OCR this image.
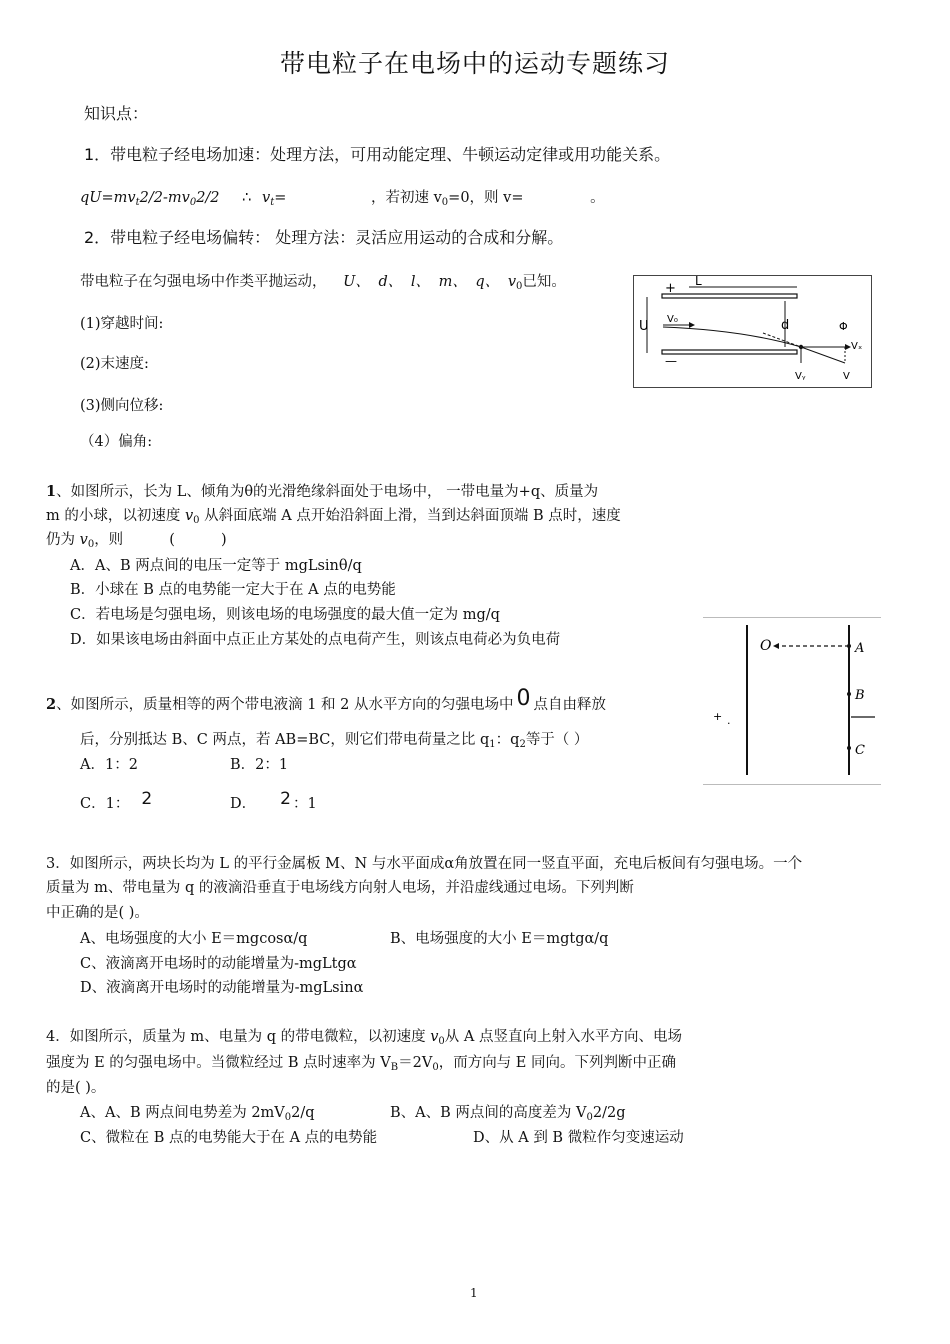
带电粒子在电场中的运动专题练习
知识点：
1．带电粒子经电场加速：处理方法，可用动能定理、牛顿运动定律或用功能关系。
$qU=mv_t2/2-mv_02/2$ ∴ $v_t=$	，若初速 $v_0=0$，则 v=	。
2．带电粒子经电场偏转： 处理方法：灵活应用运动的合成和分解。
带电粒子在匀强电场中作类平抛运动， U、 d、 l、 m、 q、 $v_0$已知。
(1)穿越时间:
(2)末速度:
(3)侧向位移:
（4）偏角:
+
—
L
U	d
V₀
Φ
Vₓ
Vᵧ	V
1、如图所示，长为 L、倾角为θ的光滑绝缘斜面处于电场中， 一带电量为+q、质量为
m 的小球，以初速度 $v_0$ 从斜面底端 A 点开始沿斜面上滑，当到达斜面顶端 B 点时，速度
仍为 $v_0$，则          (          )
A．A、B 两点间的电压一定等于 mgLsinθ/q
B．小球在 B 点的电势能一定大于在 A 点的电势能
C．若电场是匀强电场，则该电场的电场强度的最大值一定为 mg/q
D．如果该电场由斜面中点正止方某处的点电荷产生，则该点电荷必为负电荷	O	A
B
C
+
·
2、如图所示，质量相等的两个带电液滴 1 和 2 从水平方向的匀强电场中 0 点自由释放
后，分别抵达 B、C 两点，若 AB=BC，则它们带电荷量之比 $q_1$：$q_2$等于（ ）
A．1：2	B．2：1
C．1： 2	D． 2 ：1
3．如图所示，两块长均为 L 的平行金属板 M、N 与水平面成α角放置在同一竖直平面，充电后板间有匀强电场。一个
质量为 m、带电量为 q 的液滴沿垂直于电场线方向射人电场，并沿虚线通过电场。下列判断
中正确的是( )。
A、电场强度的大小 E＝mgcosα/q	B、电场强度的大小 E＝mgtgα/q
C、液滴离开电场时的动能增量为-mgLtgα
D、液滴离开电场时的动能增量为-mgLsinα
4．如图所示，质量为 m、电量为 q 的带电微粒，以初速度 $v_0$从 A 点竖直向上射入水平方向、电场
强度为 E 的匀强电场中。当微粒经过 B 点时速率为 $V_B=2V_0$，而方向与 E 同向。下列判断中正确
的是( )。
A、A、B 两点间电势差为 $2mV_02/q$	B、A、B 两点间的高度差为 $V_02/2g$
C、微粒在 B 点的电势能大于在 A 点的电势能	D、从 A 到 B 微粒作匀变速运动
1
